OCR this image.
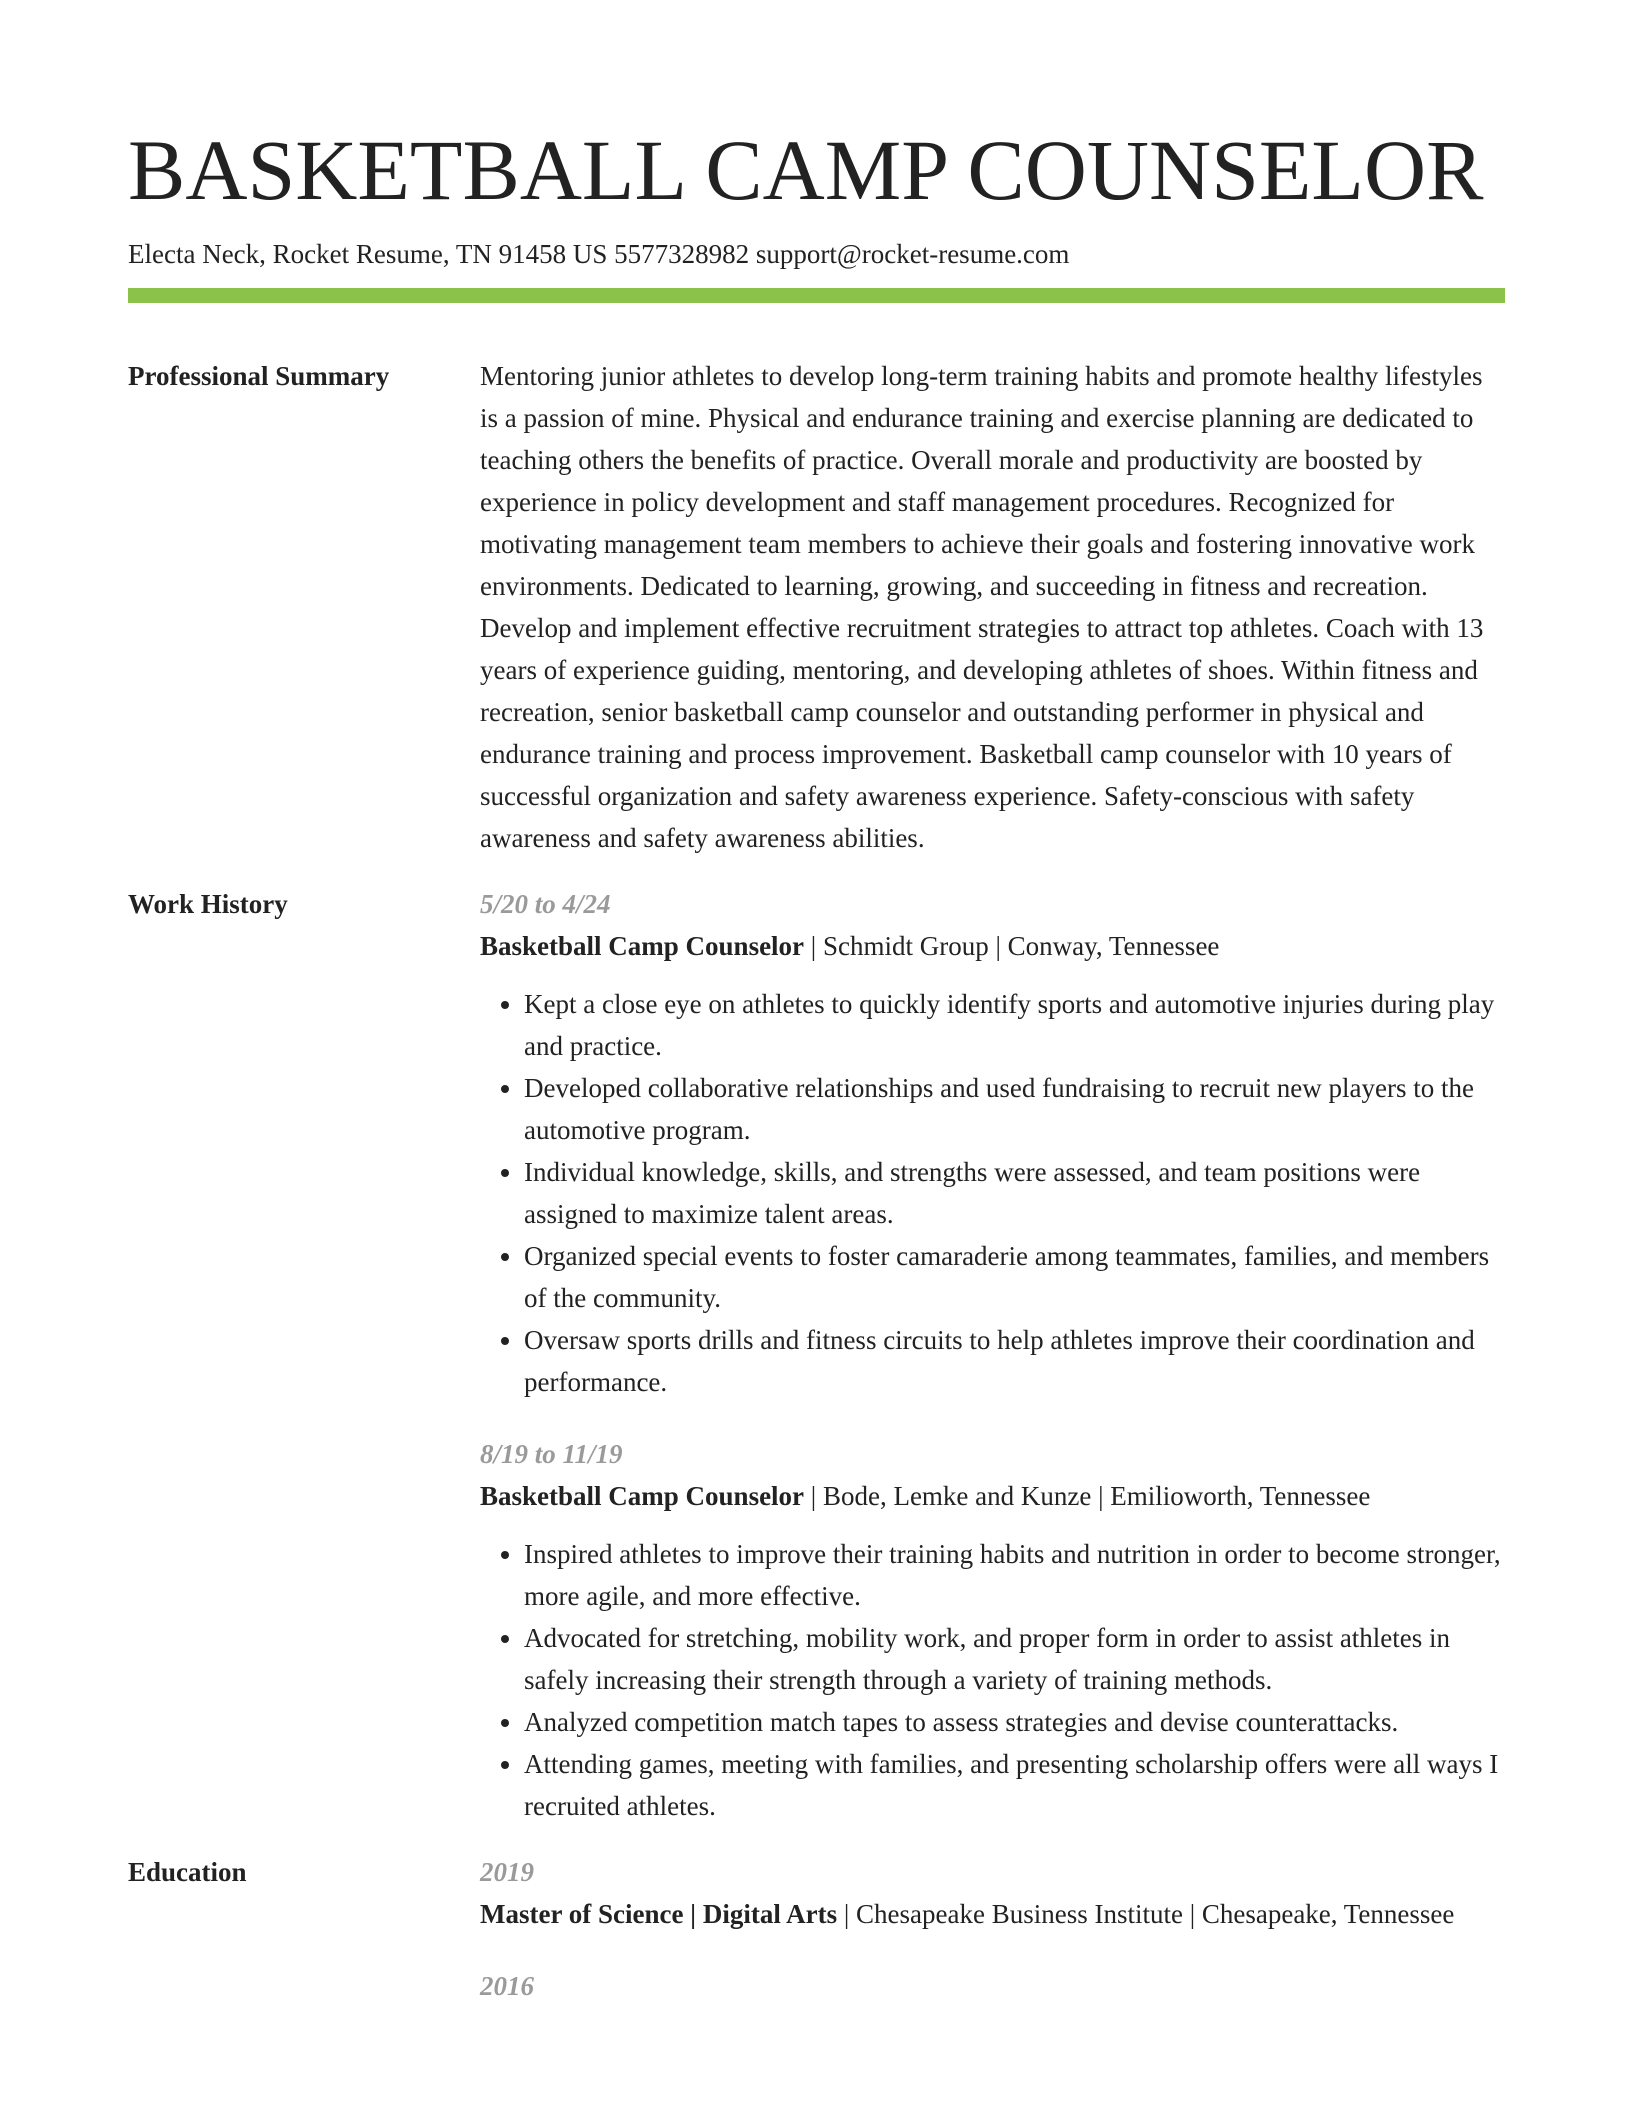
BASKETBALL CAMP COUNSELOR
Electa Neck, Rocket Resume, TN 91458 US 5577328982 support@rocket-resume.com
Professional Summary	Mentoring junior athletes to develop long-term training habits and promote healthy lifestyles is a passion of mine. Physical and endurance training and exercise planning are dedicated to teaching others the benefits of practice. Overall morale and productivity are boosted by experience in policy development and staff management procedures. Recognized for motivating management team members to achieve their goals and fostering innovative work environments. Dedicated to learning, growing, and succeeding in fitness and recreation. Develop and implement effective recruitment strategies to attract top athletes. Coach with 13 years of experience guiding, mentoring, and developing athletes of shoes. Within fitness and recreation, senior basketball camp counselor and outstanding performer in physical and endurance training and process improvement. Basketball camp counselor with 10 years of successful organization and safety awareness experience. Safety-conscious with safety awareness and safety awareness abilities.

Work History	5/20 to 4/24
Basketball Camp Counselor | Schmidt Group | Conway, Tennessee
• Kept a close eye on athletes to quickly identify sports and automotive injuries during play and practice.
• Developed collaborative relationships and used fundraising to recruit new players to the automotive program.
• Individual knowledge, skills, and strengths were assessed, and team positions were assigned to maximize talent areas.
• Organized special events to foster camaraderie among teammates, families, and members of the community.
• Oversaw sports drills and fitness circuits to help athletes improve their coordination and performance.
8/19 to 11/19
Basketball Camp Counselor | Bode, Lemke and Kunze | Emilioworth, Tennessee
• Inspired athletes to improve their training habits and nutrition in order to become stronger, more agile, and more effective.
• Advocated for stretching, mobility work, and proper form in order to assist athletes in safely increasing their strength through a variety of training methods.
• Analyzed competition match tapes to assess strategies and devise counterattacks.
• Attending games, meeting with families, and presenting scholarship offers were all ways I recruited athletes.
Education	2019
Master of Science | Digital Arts | Chesapeake Business Institute | Chesapeake, Tennessee
2016
